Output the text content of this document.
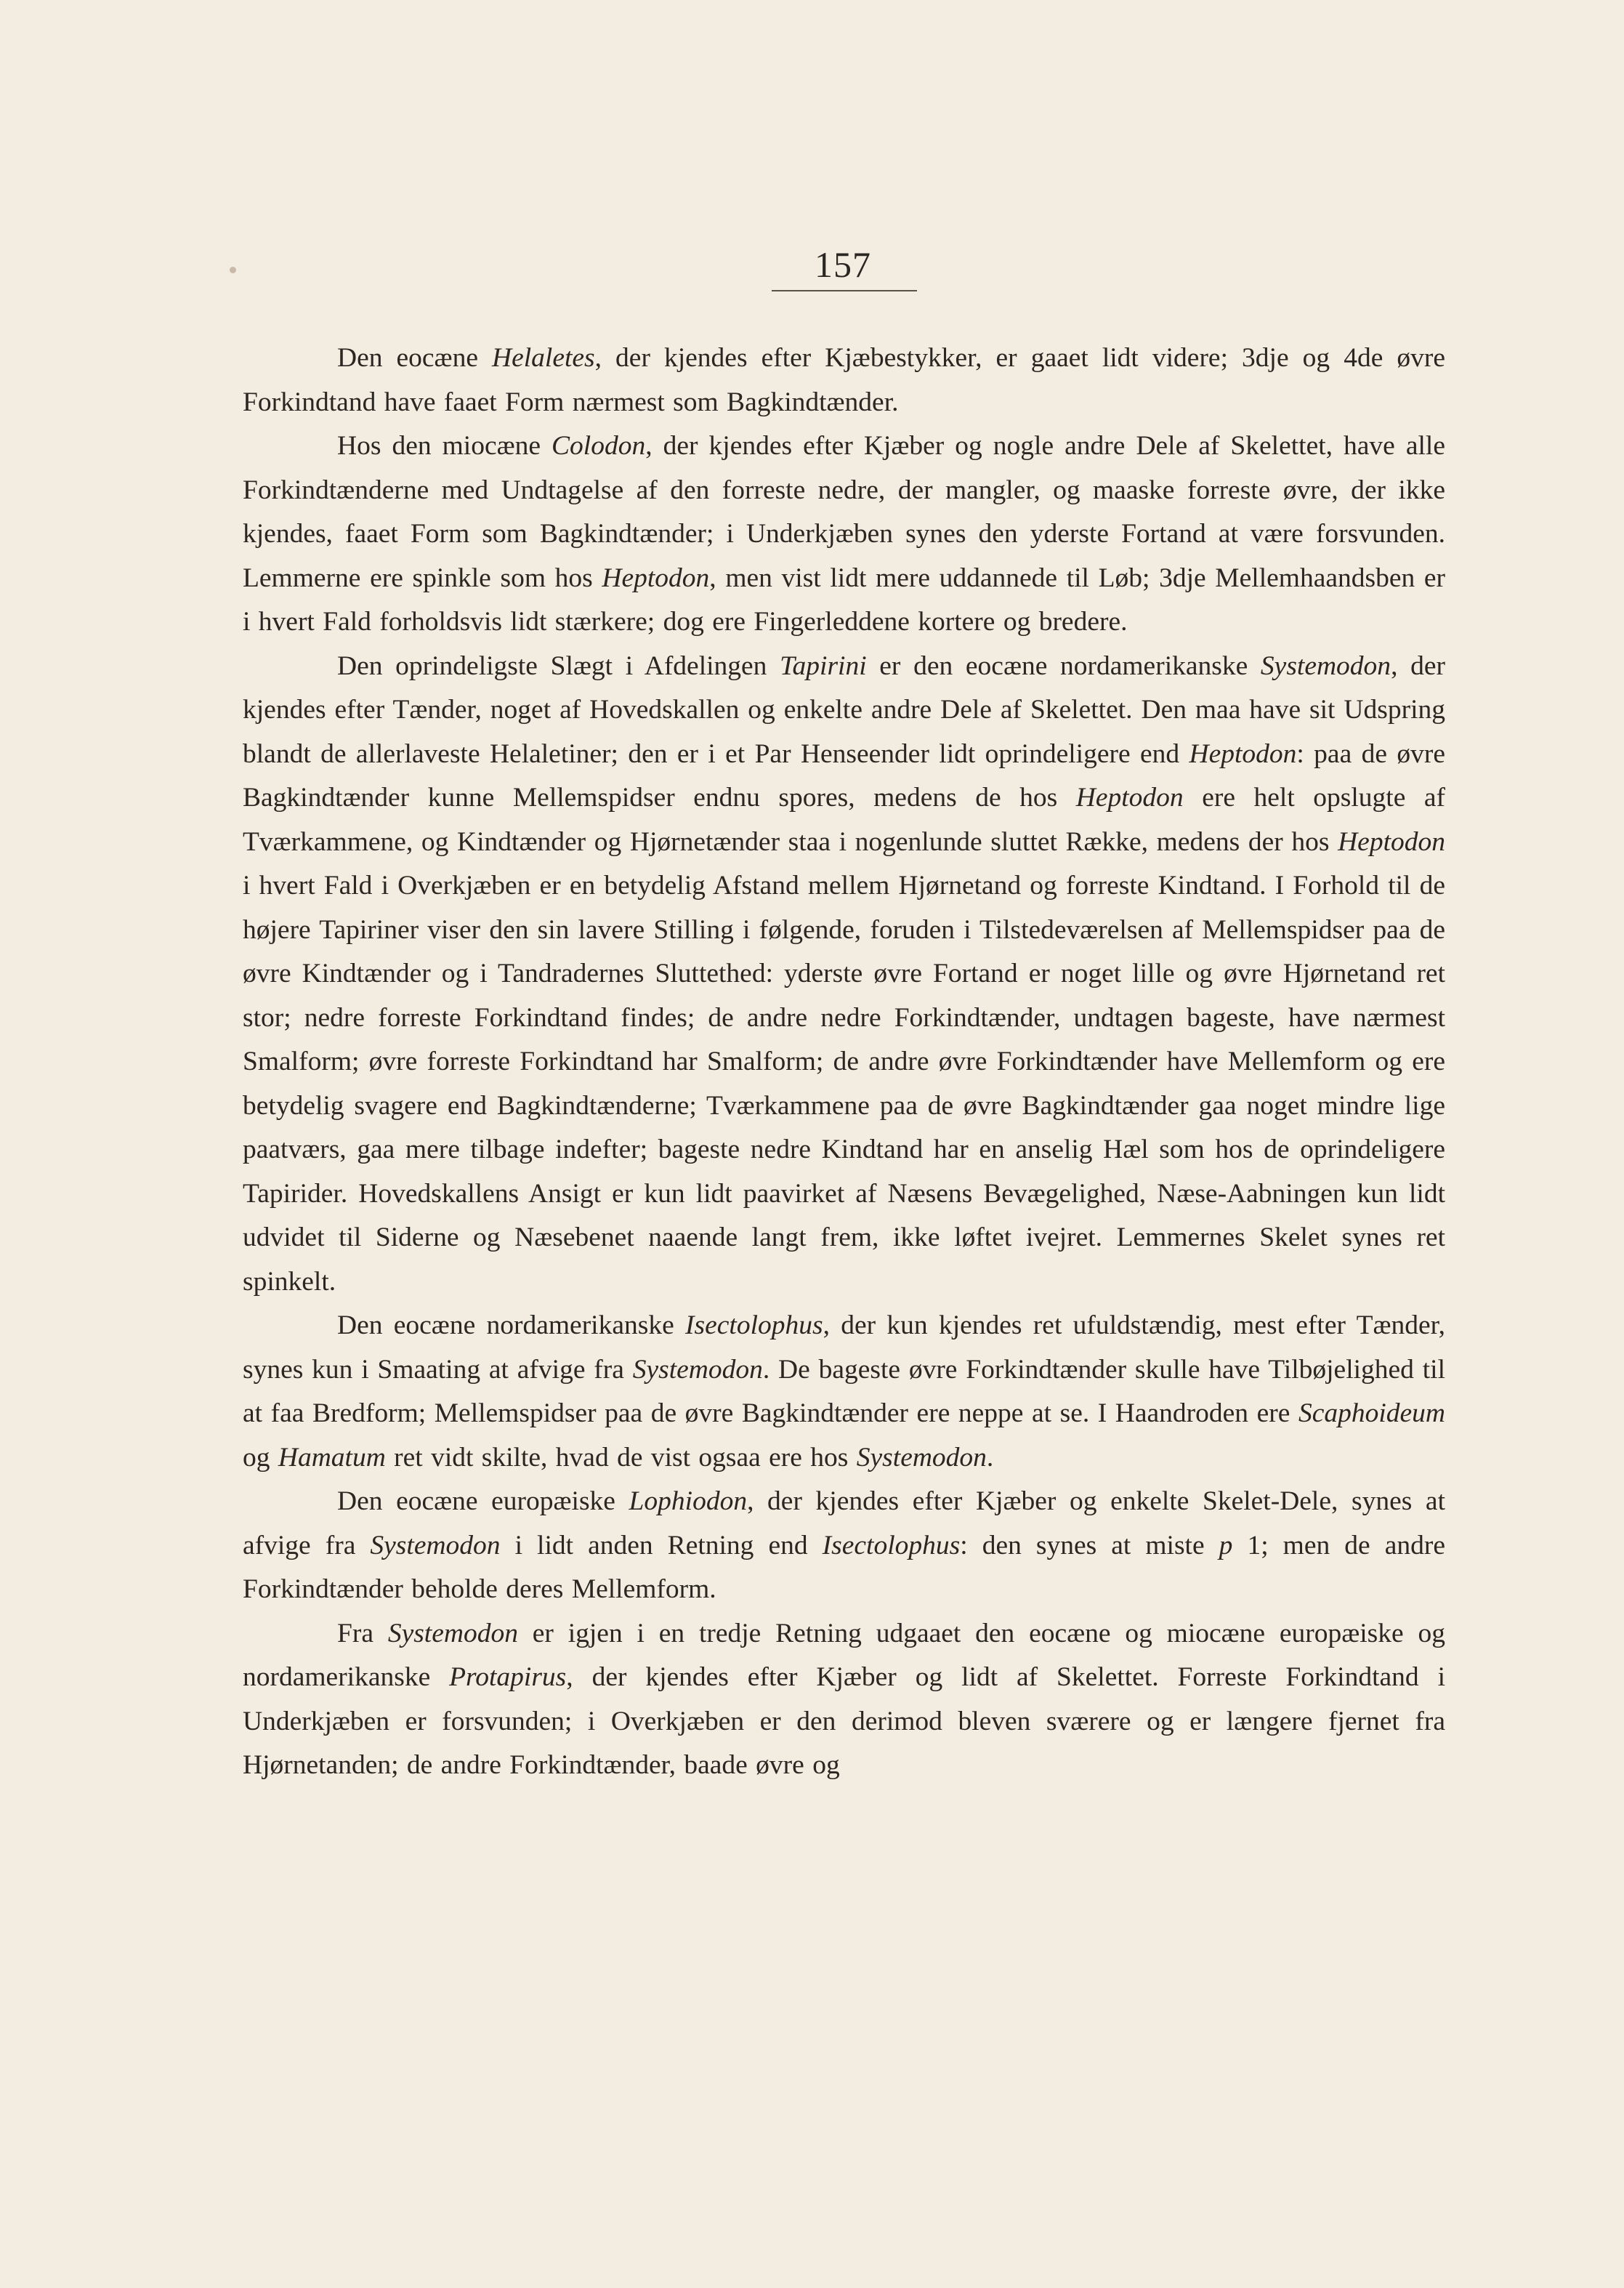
157

Den eocæne Helaletes, der kjendes efter Kjæbestykker, er gaaet lidt videre; 3dje og 4de øvre Forkindtand have faaet Form nærmest som Bagkindtænder.

Hos den miocæne Colodon, der kjendes efter Kjæber og nogle andre Dele af Skelettet, have alle Forkindtænderne med Undtagelse af den forreste nedre, der mangler, og maaske forreste øvre, der ikke kjendes, faaet Form som Bagkindtænder; i Underkjæben synes den yderste Fortand at være forsvunden. Lemmerne ere spinkle som hos Heptodon, men vist lidt mere uddannede til Løb; 3dje Mellemhaandsben er i hvert Fald forholdsvis lidt stærkere; dog ere Fingerleddene kortere og bredere.

Den oprindeligste Slægt i Afdelingen Tapirini er den eocæne nordamerikanske Systemodon, der kjendes efter Tænder, noget af Hovedskallen og enkelte andre Dele af Skelettet. Den maa have sit Udspring blandt de allerlaveste Helaletiner; den er i et Par Henseender lidt oprindeligere end Heptodon: paa de øvre Bagkindtænder kunne Mellemspidser endnu spores, medens de hos Heptodon ere helt opslugte af Tværkammene, og Kindtænder og Hjørnetænder staa i nogenlunde sluttet Række, medens der hos Heptodon i hvert Fald i Overkjæben er en betydelig Afstand mellem Hjørnetand og forreste Kindtand. I Forhold til de højere Tapiriner viser den sin lavere Stilling i følgende, foruden i Tilstedeværelsen af Mellemspidser paa de øvre Kindtænder og i Tandradernes Sluttethed: yderste øvre Fortand er noget lille og øvre Hjørnetand ret stor; nedre forreste Forkindtand findes; de andre nedre Forkindtænder, undtagen bageste, have nærmest Smalform; øvre forreste Forkindtand har Smalform; de andre øvre Forkindtænder have Mellemform og ere betydelig svagere end Bagkindtænderne; Tværkammene paa de øvre Bagkindtænder gaa noget mindre lige paatværs, gaa mere tilbage indefter; bageste nedre Kindtand har en anselig Hæl som hos de oprindeligere Tapirider. Hovedskallens Ansigt er kun lidt paavirket af Næsens Bevægelighed, Næse-Aabningen kun lidt udvidet til Siderne og Næsebenet naaende langt frem, ikke løftet ivejret. Lemmernes Skelet synes ret spinkelt.

Den eocæne nordamerikanske Isectolophus, der kun kjendes ret ufuldstændig, mest efter Tænder, synes kun i Smaating at afvige fra Systemodon. De bageste øvre Forkindtænder skulle have Tilbøjelighed til at faa Bredform; Mellemspidser paa de øvre Bagkindtænder ere neppe at se. I Haandroden ere Scaphoideum og Hamatum ret vidt skilte, hvad de vist ogsaa ere hos Systemodon.

Den eocæne europæiske Lophiodon, der kjendes efter Kjæber og enkelte Skelet-Dele, synes at afvige fra Systemodon i lidt anden Retning end Isectolophus: den synes at miste p 1; men de andre Forkindtænder beholde deres Mellemform.

Fra Systemodon er igjen i en tredje Retning udgaaet den eocæne og miocæne europæiske og nordamerikanske Protapirus, der kjendes efter Kjæber og lidt af Skelettet. Forreste Forkindtand i Underkjæben er forsvunden; i Overkjæben er den derimod bleven sværere og er længere fjernet fra Hjørnetanden; de andre Forkindtænder, baade øvre og
